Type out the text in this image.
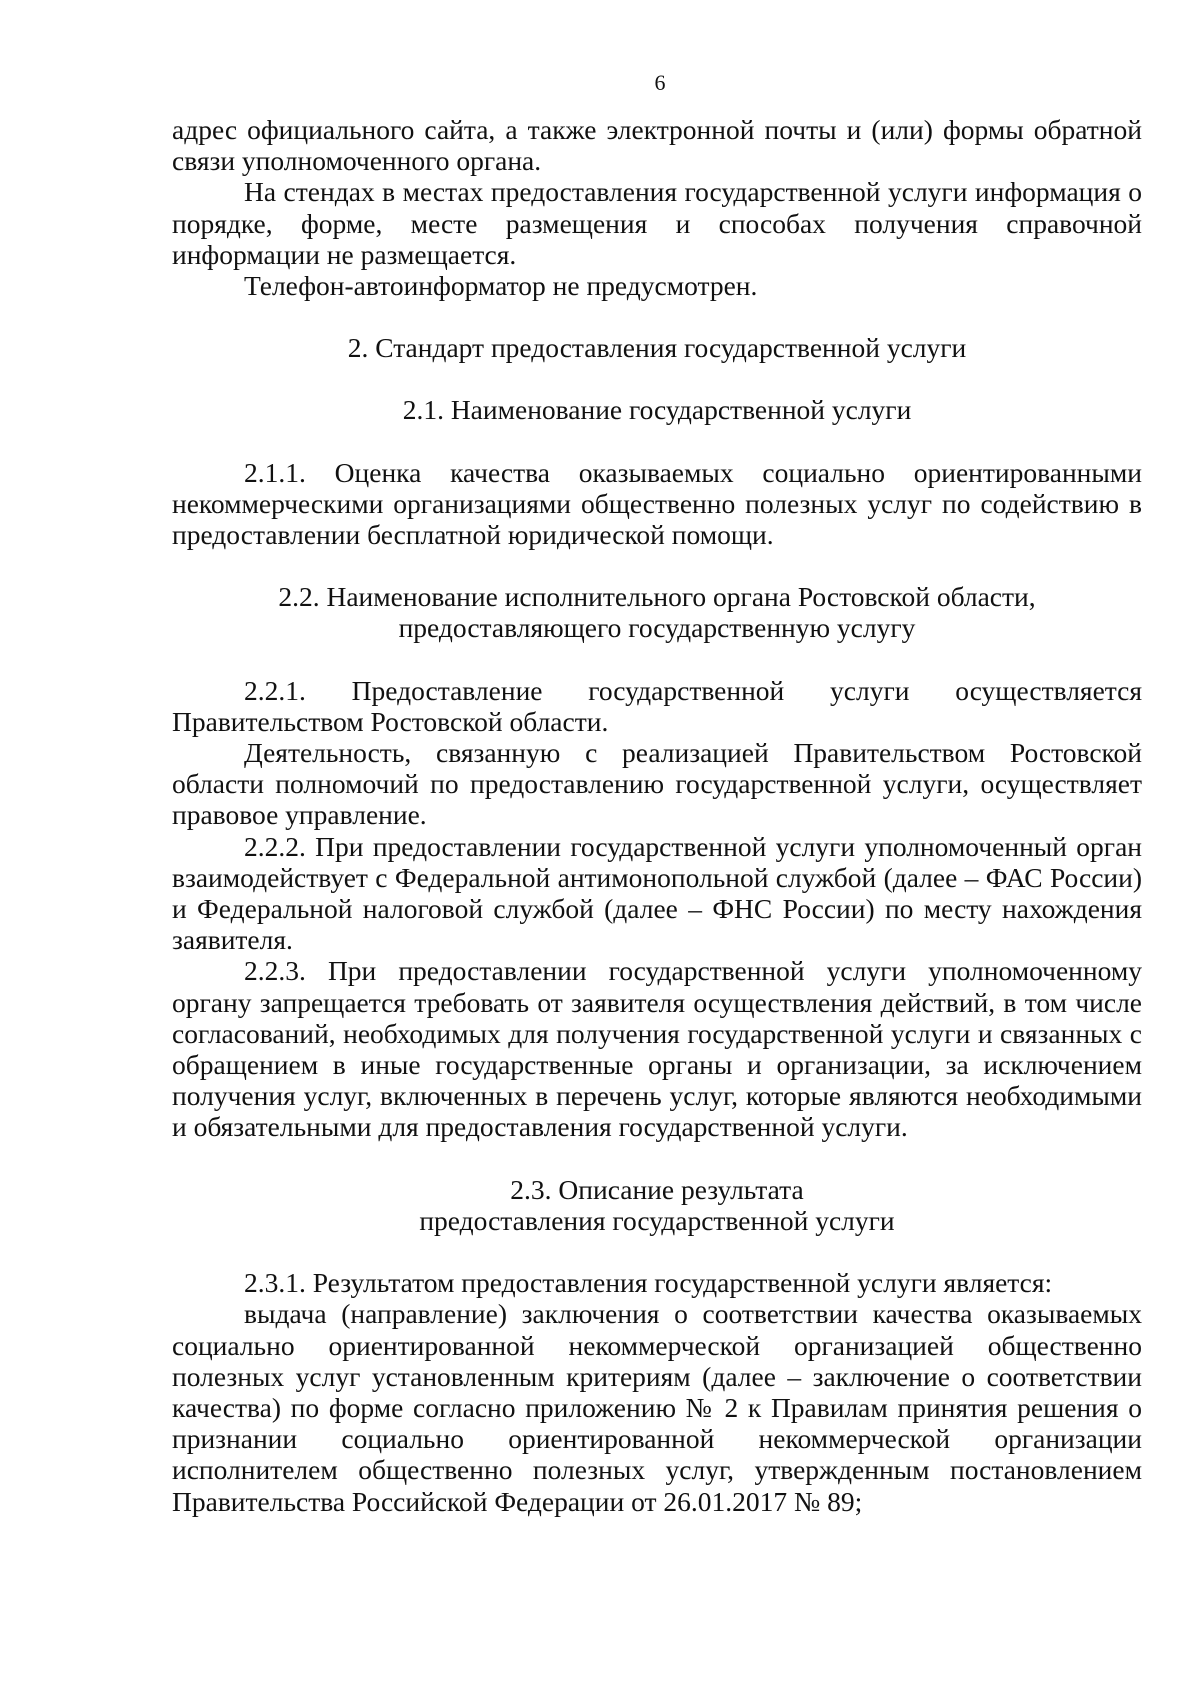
6

адрес официального сайта, а также электронной почты и (или) формы обратной связи уполномоченного органа.

На стендах в местах предоставления государственной услуги информация о порядке, форме, месте размещения и способах получения справочной информации не размещается.

Телефон-автоинформатор не предусмотрен.

2. Стандарт предоставления государственной услуги

2.1. Наименование государственной услуги

2.1.1. Оценка качества оказываемых социально ориентированными некоммерческими организациями общественно полезных услуг по содействию в предоставлении бесплатной юридической помощи.

2.2. Наименование исполнительного органа Ростовской области,
предоставляющего государственную услугу

2.2.1. Предоставление государственной услуги осуществляется Правительством Ростовской области.

Деятельность, связанную с реализацией Правительством Ростовской области полномочий по предоставлению государственной услуги, осуществляет правовое управление.

2.2.2. При предоставлении государственной услуги уполномоченный орган взаимодействует с Федеральной антимонопольной службой (далее – ФАС России) и Федеральной налоговой службой (далее – ФНС России) по месту нахождения заявителя.

2.2.3. При предоставлении государственной услуги уполномоченному органу запрещается требовать от заявителя осуществления действий, в том числе согласований, необходимых для получения государственной услуги и связанных с обращением в иные государственные органы и организации, за исключением получения услуг, включенных в перечень услуг, которые являются необходимыми и обязательными для предоставления государственной услуги.

2.3. Описание результата
предоставления государственной услуги

2.3.1. Результатом предоставления государственной услуги является:

выдача (направление) заключения о соответствии качества оказываемых социально ориентированной некоммерческой организацией общественно полезных услуг установленным критериям (далее – заключение о соответствии качества) по форме согласно приложению № 2 к Правилам принятия решения о признании социально ориентированной некоммерческой организации исполнителем общественно полезных услуг, утвержденным постановлением Правительства Российской Федерации от 26.01.2017 № 89;
